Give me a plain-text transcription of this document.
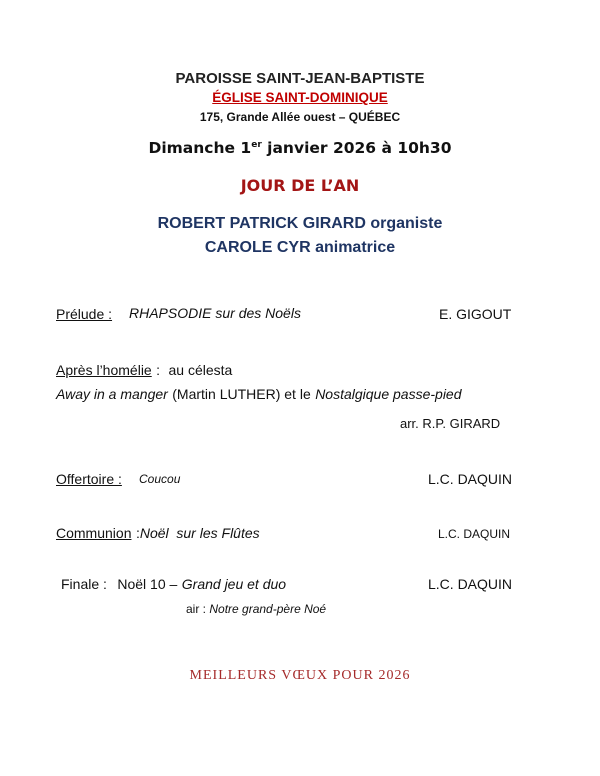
PAROISSE SAINT-JEAN-BAPTISTE
ÉGLISE SAINT-DOMINIQUE
175, Grande Allée ouest – QUÉBEC
Dimanche 1er janvier 2026 à 10h30
JOUR DE L’AN
ROBERT PATRICK GIRARD organiste
CAROLE CYR animatrice
Prélude : RHAPSODIE sur des Noëls	E. GIGOUT
Après l’homélie : au célesta
Away in a manger (Martin LUTHER) et le Nostalgique passe-pied
arr. R.P. GIRARD
Offertoire : Coucou	L.C. DAQUIN
Communion :Noël  sur les Flûtes	L.C. DAQUIN
Finale : Noël 10 – Grand jeu et duo	L.C. DAQUIN
air : Notre grand-père Noé
MEILLEURS VŒUX POUR 2026
